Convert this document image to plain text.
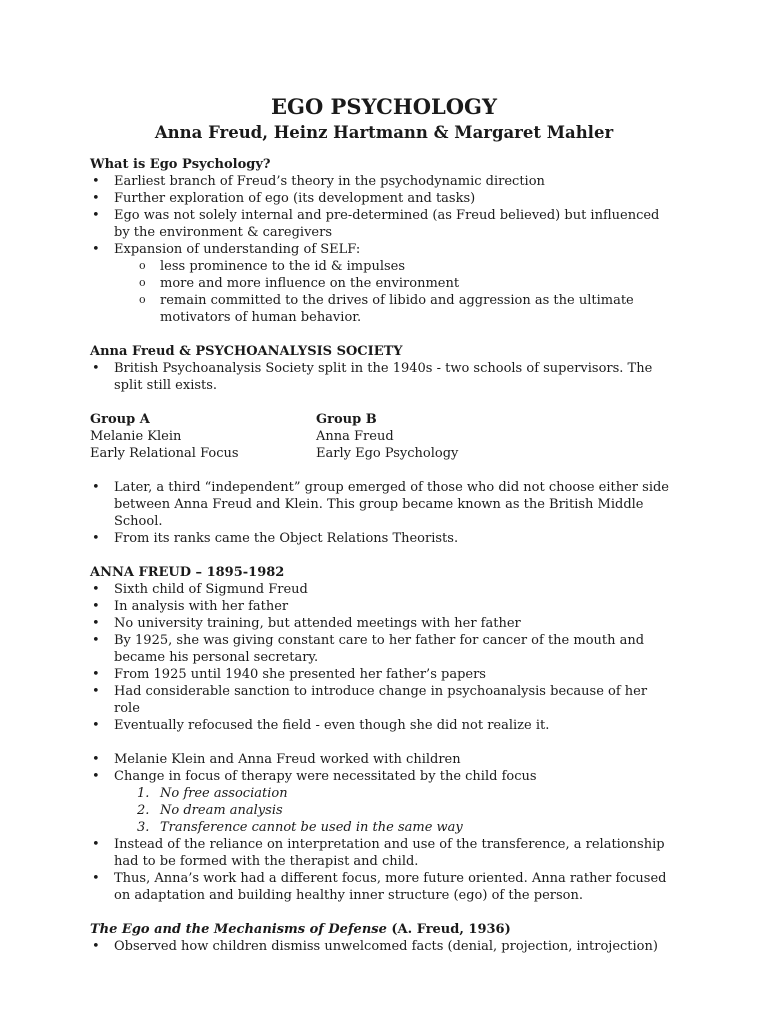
EGO PSYCHOLOGY
Anna Freud, Heinz Hartmann & Margaret Mahler
What is Ego Psychology?
• Earliest branch of Freud’s theory in the psychodynamic direction
• Further exploration of ego (its development and tasks)
• Ego was not solely internal and pre-determined (as Freud believed) but influenced by the environment & caregivers
• Expansion of understanding of SELF:
o less prominence to the id & impulses
o more and more influence on the environment
o remain committed to the drives of libido and aggression as the ultimate motivators of human behavior.
Anna Freud & PSYCHOANALYSIS SOCIETY
• British Psychoanalysis Society split in the 1940s - two schools of supervisors. The split still exists.
Group A
Melanie Klein
Early Relational Focus
Group B
Anna Freud
Early Ego Psychology
• Later, a third “independent” group emerged of those who did not choose either side between Anna Freud and Klein. This group became known as the British Middle School.
• From its ranks came the Object Relations Theorists.
ANNA FREUD – 1895-1982
• Sixth child of Sigmund Freud
• In analysis with her father
• No university training, but attended meetings with her father
• By 1925, she was giving constant care to her father for cancer of the mouth and became his personal secretary.
• From 1925 until 1940 she presented her father’s papers
• Had considerable sanction to introduce change in psychoanalysis because of her role
• Eventually refocused the field - even though she did not realize it.
• Melanie Klein and Anna Freud worked with children
• Change in focus of therapy were necessitated by the child focus
1. No free association
2. No dream analysis
3. Transference cannot be used in the same way
• Instead of the reliance on interpretation and use of the transference, a relationship had to be formed with the therapist and child.
• Thus, Anna’s work had a different focus, more future oriented. Anna rather focused on adaptation and building healthy inner structure (ego) of the person.
The Ego and the Mechanisms of Defense (A. Freud, 1936)
• Observed how children dismiss unwelcomed facts (denial, projection, introjection)
